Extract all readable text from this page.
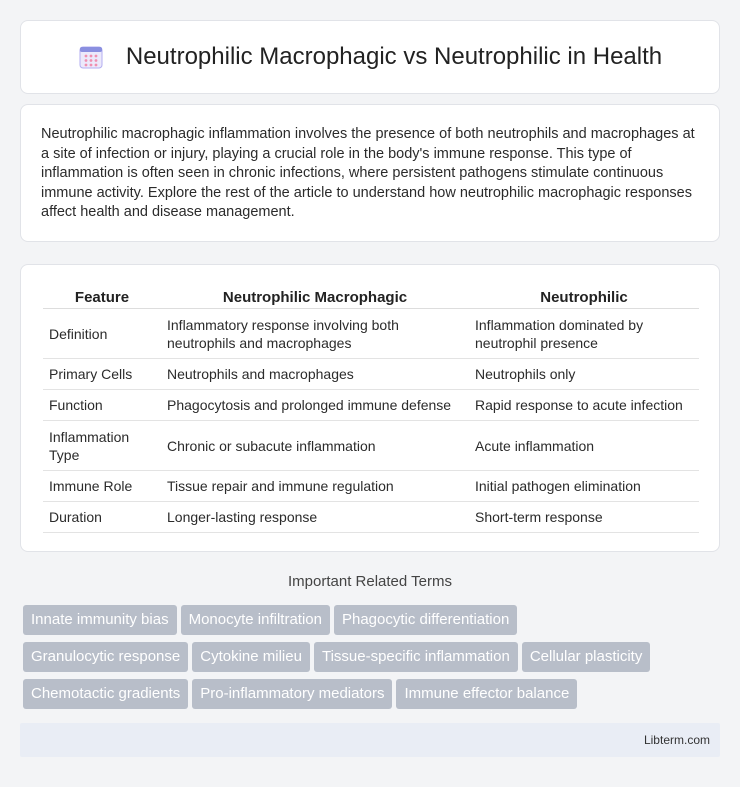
Neutrophilic Macrophagic vs Neutrophilic in Health

Neutrophilic macrophagic inflammation involves the presence of both neutrophils and macrophages at a site of infection or injury, playing a crucial role in the body's immune response. This type of inflammation is often seen in chronic infections, where persistent pathogens stimulate continuous immune activity. Explore the rest of the article to understand how neutrophilic macrophagic responses affect health and disease management.

Feature	Neutrophilic Macrophagic	Neutrophilic
Definition	Inflammatory response involving both neutrophils and macrophages	Inflammation dominated by neutrophil presence
Primary Cells	Neutrophils and macrophages	Neutrophils only
Function	Phagocytosis and prolonged immune defense	Rapid response to acute infection
Inflammation Type	Chronic or subacute inflammation	Acute inflammation
Immune Role	Tissue repair and immune regulation	Initial pathogen elimination
Duration	Longer-lasting response	Short-term response
Important Related Terms
Innate immunity bias Monocyte infiltration Phagocytic differentiation
Granulocytic response Cytokine milieu Tissue-specific inflammation Cellular plasticity
Chemotactic gradients Pro-inflammatory mediators Immune effector balance
Libterm.com
